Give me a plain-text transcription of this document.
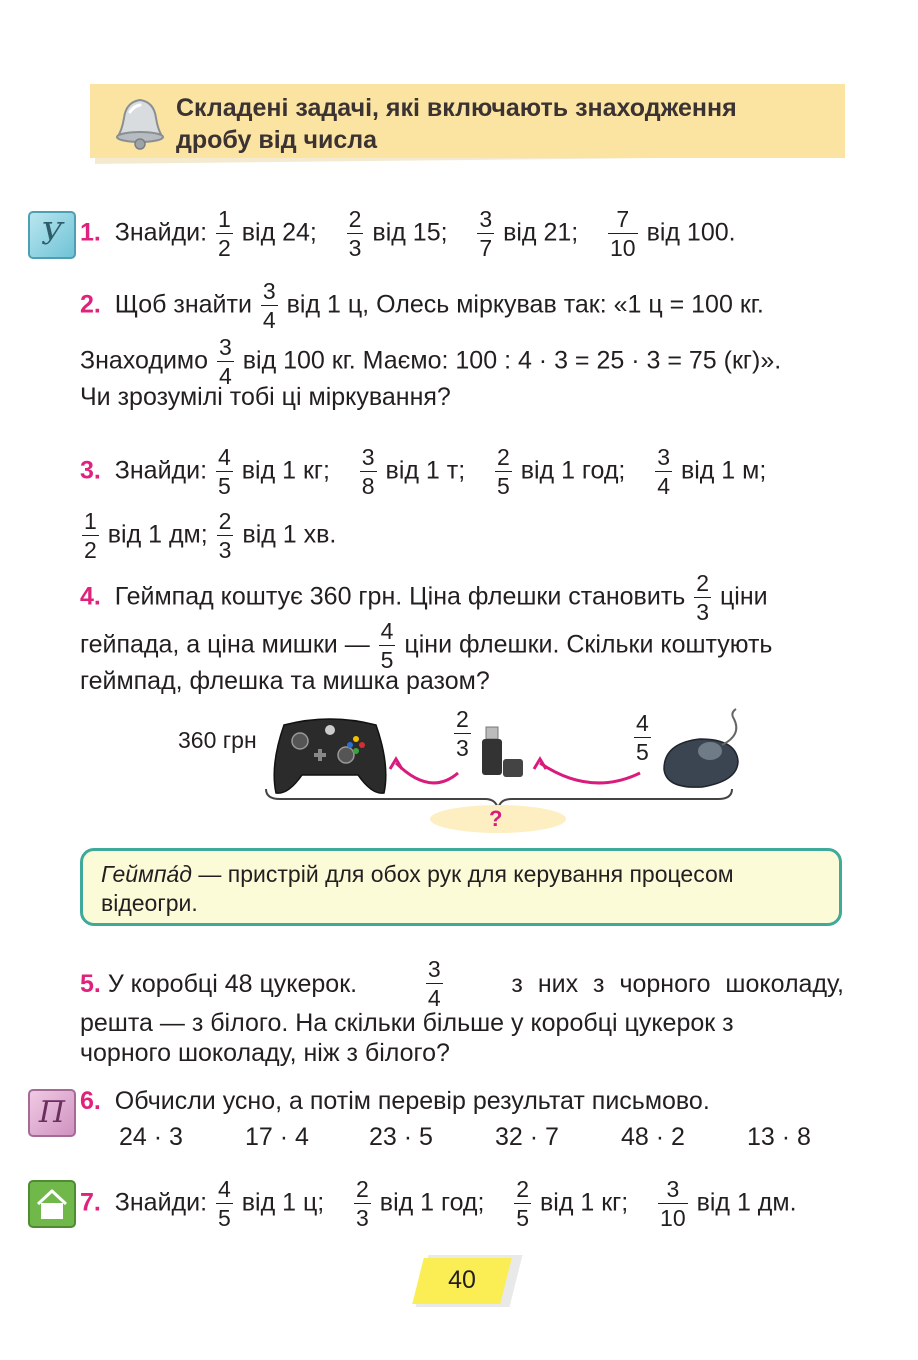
Складені задачі, які включають знаходження
дробу від числа
У
П
1. Знайди: $\frac{1}{2}$ від 24; $\frac{2}{3}$ від 15; $\frac{3}{7}$ від 21; $\frac{7}{10}$ від 100.
2. Щоб знайти $\frac{3}{4}$ від 1 ц, Олесь міркував так: «1 ц = 100 кг.
Знаходимо $\frac{3}{4}$ від 100 кг. Маємо: 100 : 4 · 3 = 25 · 3 = 75 (кг)».
Чи зрозумілі тобі ці міркування?
3. Знайди: $\frac{4}{5}$ від 1 кг; $\frac{3}{8}$ від 1 т; $\frac{2}{5}$ від 1 год; $\frac{3}{4}$ від 1 м;
$\frac{1}{2}$ від 1 дм; $\frac{2}{3}$ від 1 хв.
4. Геймпад коштує 360 грн. Ціна флешки становить $\frac{2}{3}$ ціни
гейпада, а ціна мишки — $\frac{4}{5}$ ціни флешки. Скільки коштують
геймпад, флешка та мишка разом?
360 грн	$\frac{2}{3}$	$\frac{4}{5}$
?
Геймпа́д — пристрій для обох рук для керування процесом
відеогри.
5. У коробці 48 цукерок.	$\frac{3}{4}$	з них з чорного шоколаду,
решта — з білого. На скільки більше у коробці цукерок з
чорного шоколаду, ніж з білого?
6. Обчисли усно, а потім перевір результат письмово.
24 · 3 17 · 4 23 · 5 32 · 7 48 · 2 13 · 8
7. Знайди: $\frac{4}{5}$ від 1 ц; $\frac{2}{3}$ від 1 год; $\frac{2}{5}$ від 1 кг; $\frac{3}{10}$ від 1 дм.
40
